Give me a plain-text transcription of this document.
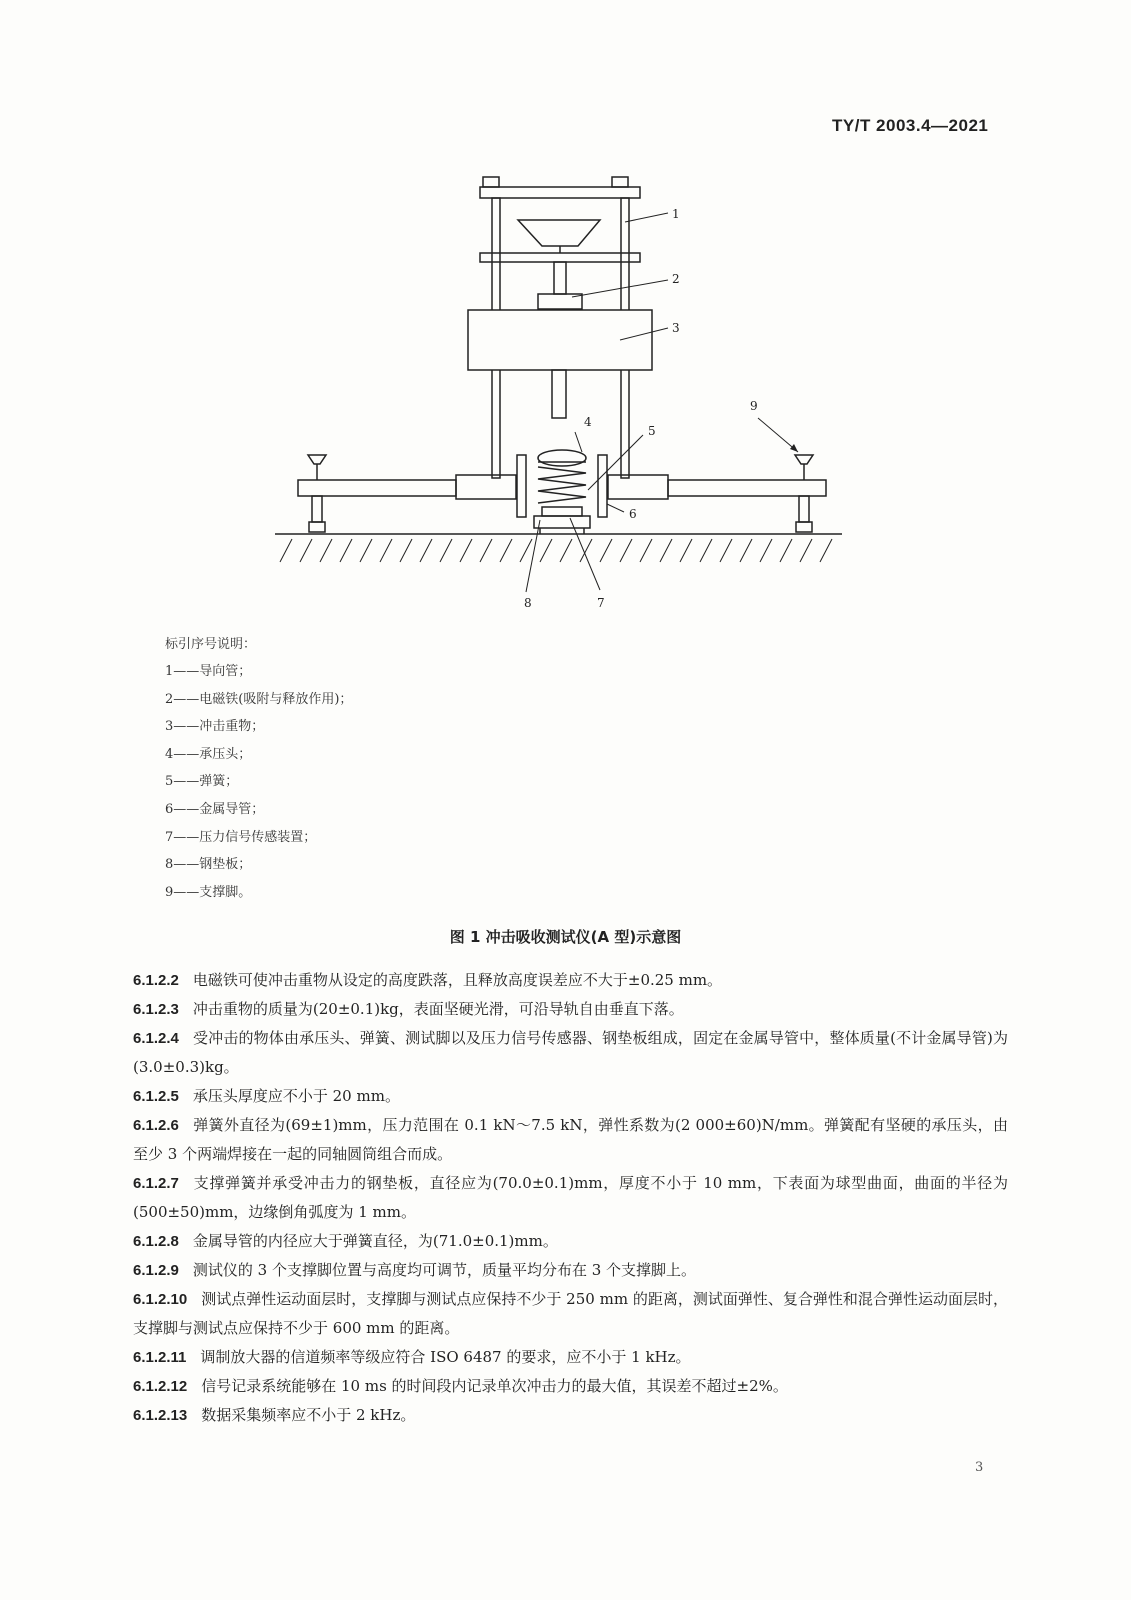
TY/T 2003.4—2021
1
2
3
4
5
6
7
8
9
标引序号说明：
1——导向管；
2——电磁铁(吸附与释放作用)；
3——冲击重物；
4——承压头；
5——弹簧；
6——金属导管；
7——压力信号传感装置；
8——钢垫板；
9——支撑脚。
图 1 冲击吸收测试仪(A 型)示意图
6.1.2.2 电磁铁可使冲击重物从设定的高度跌落，且释放高度误差应不大于±0.25 mm。
6.1.2.3 冲击重物的质量为(20±0.1)kg，表面坚硬光滑，可沿导轨自由垂直下落。
6.1.2.4 受冲击的物体由承压头、弹簧、测试脚以及压力信号传感器、钢垫板组成，固定在金属导管中，整体质量(不计金属导管)为(3.0±0.3)kg。
6.1.2.5 承压头厚度应不小于 20 mm。
6.1.2.6 弹簧外直径为(69±1)mm，压力范围在 0.1 kN～7.5 kN，弹性系数为(2 000±60)N/mm。弹簧配有坚硬的承压头，由至少 3 个两端焊接在一起的同轴圆筒组合而成。
6.1.2.7 支撑弹簧并承受冲击力的钢垫板，直径应为(70.0±0.1)mm，厚度不小于 10 mm，下表面为球型曲面，曲面的半径为(500±50)mm，边缘倒角弧度为 1 mm。
6.1.2.8 金属导管的内径应大于弹簧直径，为(71.0±0.1)mm。
6.1.2.9 测试仪的 3 个支撑脚位置与高度均可调节，质量平均分布在 3 个支撑脚上。
6.1.2.10 测试点弹性运动面层时，支撑脚与测试点应保持不少于 250 mm 的距离，测试面弹性、复合弹性和混合弹性运动面层时，支撑脚与测试点应保持不少于 600 mm 的距离。
6.1.2.11 调制放大器的信道频率等级应符合 ISO 6487 的要求，应不小于 1 kHz。
6.1.2.12 信号记录系统能够在 10 ms 的时间段内记录单次冲击力的最大值，其误差不超过±2%。
6.1.2.13 数据采集频率应不小于 2 kHz。
3
